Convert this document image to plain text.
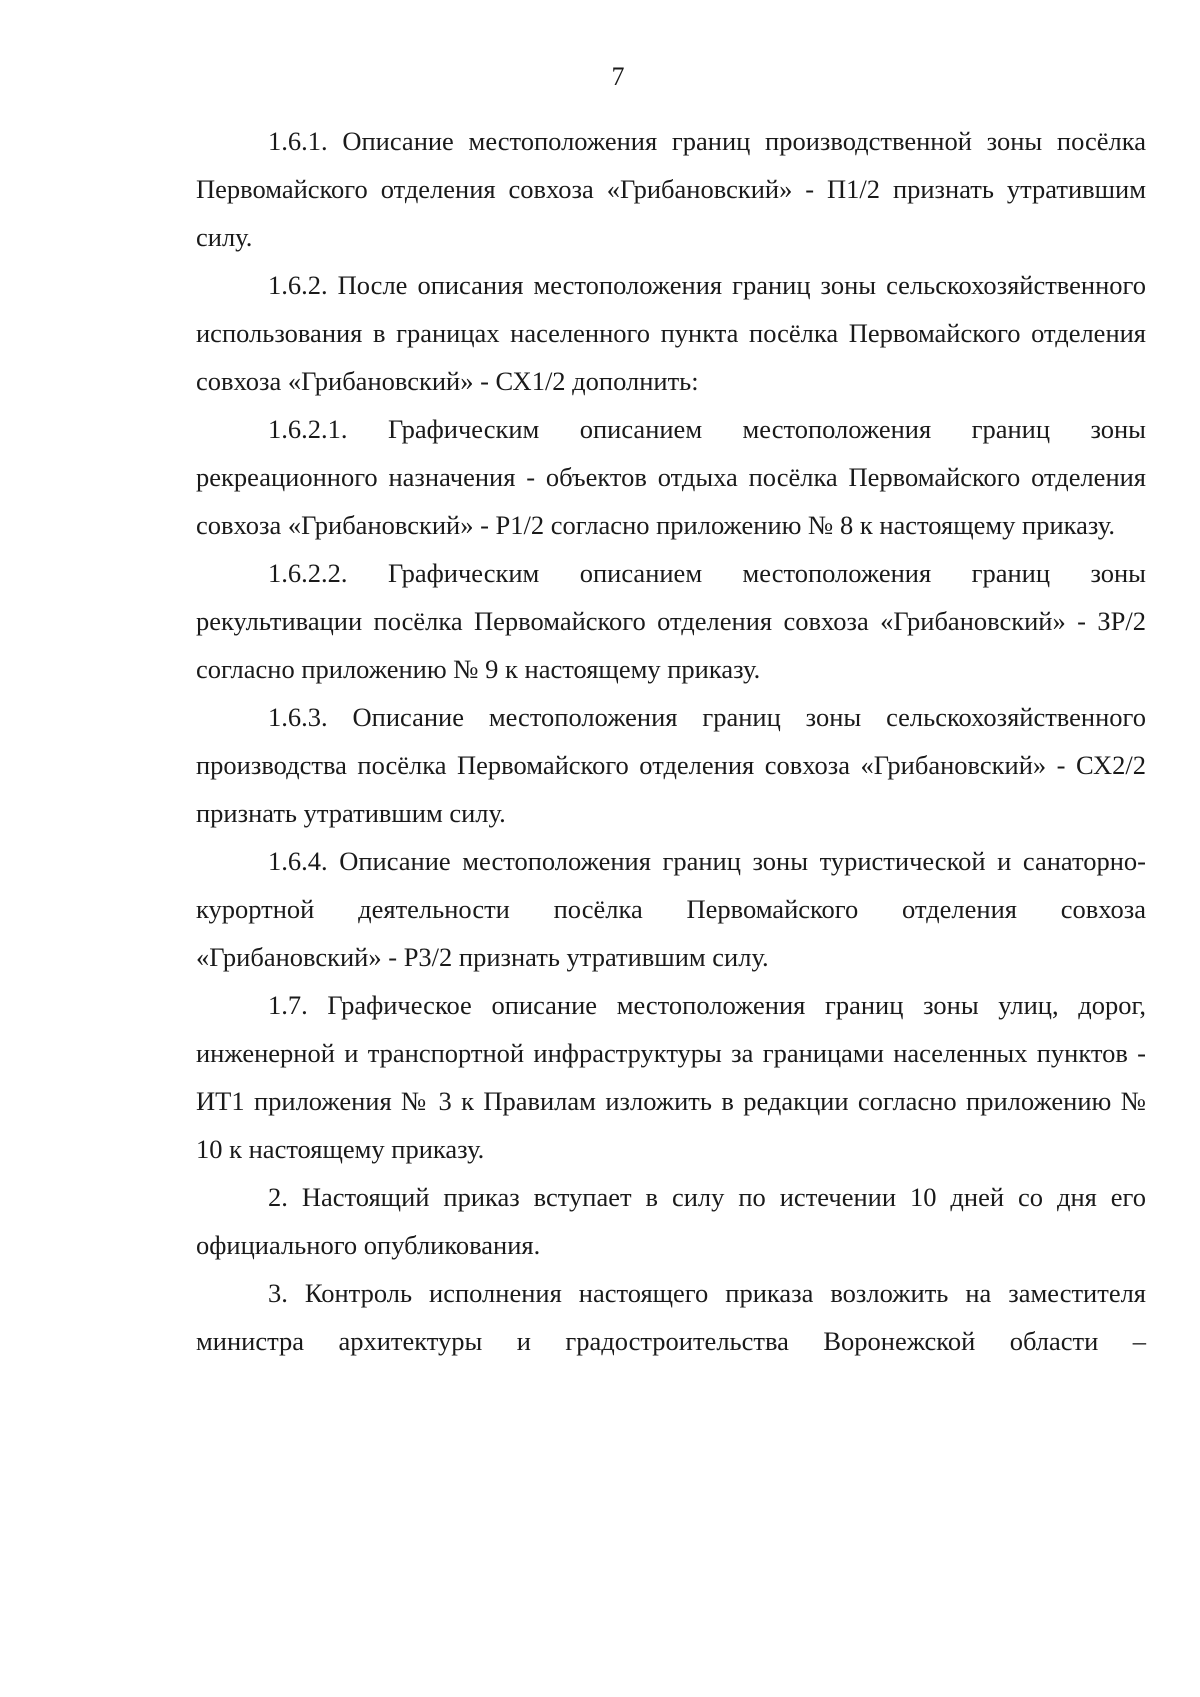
7

1.6.1. Описание местоположения границ производственной зоны посёлка Первомайского отделения совхоза «Грибановский» - П1/2 признать утратившим силу.

1.6.2. После описания местоположения границ зоны сельскохозяйственного использования в границах населенного пункта посёлка Первомайского отделения совхоза «Грибановский» - СХ1/2 дополнить:

1.6.2.1. Графическим описанием местоположения границ зоны рекреационного назначения - объектов отдыха посёлка Первомайского отделения совхоза «Грибановский» - Р1/2 согласно приложению № 8 к настоящему приказу.

1.6.2.2. Графическим описанием местоположения границ зоны рекультивации посёлка Первомайского отделения совхоза «Грибановский» - ЗР/2 согласно приложению № 9 к настоящему приказу.

1.6.3. Описание местоположения границ зоны сельскохозяйственного производства посёлка Первомайского отделения совхоза «Грибановский» - СХ2/2 признать утратившим силу.

1.6.4. Описание местоположения границ зоны туристической и санаторно-курортной деятельности посёлка Первомайского отделения совхоза «Грибановский» - Р3/2 признать утратившим силу.

1.7. Графическое описание местоположения границ зоны улиц, дорог, инженерной и транспортной инфраструктуры за границами населенных пунктов - ИТ1 приложения № 3 к Правилам изложить в редакции согласно приложению № 10 к настоящему приказу.

2. Настоящий приказ вступает в силу по истечении 10 дней со дня его официального опубликования.

3. Контроль исполнения настоящего приказа возложить на заместителя министра архитектуры и градостроительства Воронежской области –
